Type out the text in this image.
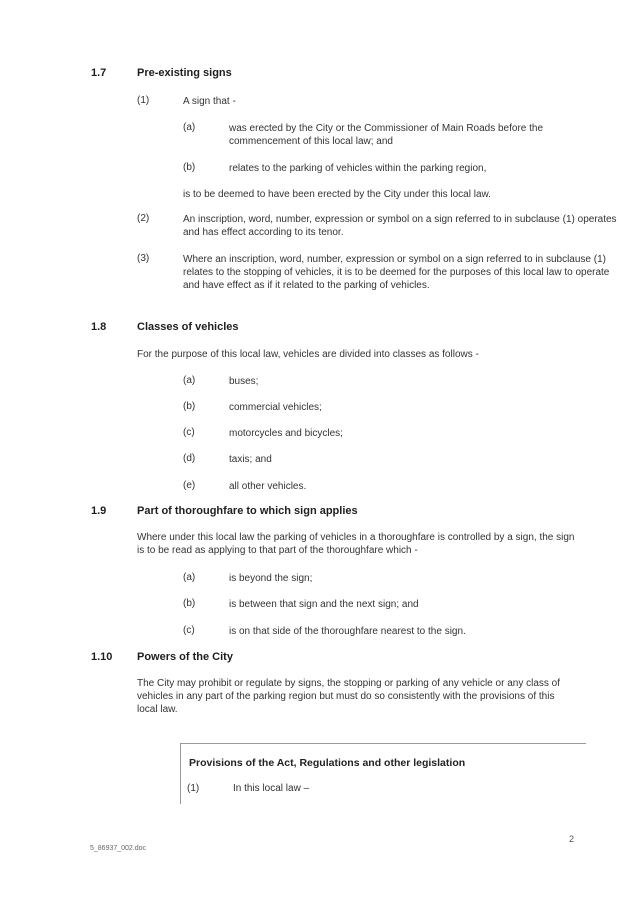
1.7	Pre-existing signs
(1)	A sign that -
(a)	was erected by the City or the Commissioner of Main Roads before the commencement of this local law; and
(b)	relates to the parking of vehicles within the parking region,
is to be deemed to have been erected by the City under this local law.
(2)	An inscription, word, number, expression or symbol on a sign referred to in subclause (1) operates and has effect according to its tenor.
(3)	Where an inscription, word, number, expression or symbol on a sign referred to in subclause (1) relates to the stopping of vehicles, it is to be deemed for the purposes of this local law to operate and have effect as if it related to the parking of vehicles.
1.8	Classes of vehicles
For the purpose of this local law, vehicles are divided into classes as follows -
(a)	buses;
(b)	commercial vehicles;
(c)	motorcycles and bicycles;
(d)	taxis; and
(e)	all other vehicles.
1.9	Part of thoroughfare to which sign applies
Where under this local law the parking of vehicles in a thoroughfare is controlled by a sign, the sign is to be read as applying to that part of the thoroughfare which -
(a)	is beyond the sign;
(b)	is between that sign and the next sign; and
(c)	is on that side of the thoroughfare nearest to the sign.
1.10 Powers of the City
The City may prohibit or regulate by signs, the stopping or parking of any vehicle or any class of vehicles in any part of the parking region but must do so consistently with the provisions of this local law.
Provisions of the Act, Regulations and other legislation
(1)	In this local law –
2
5_86937_002.doc
